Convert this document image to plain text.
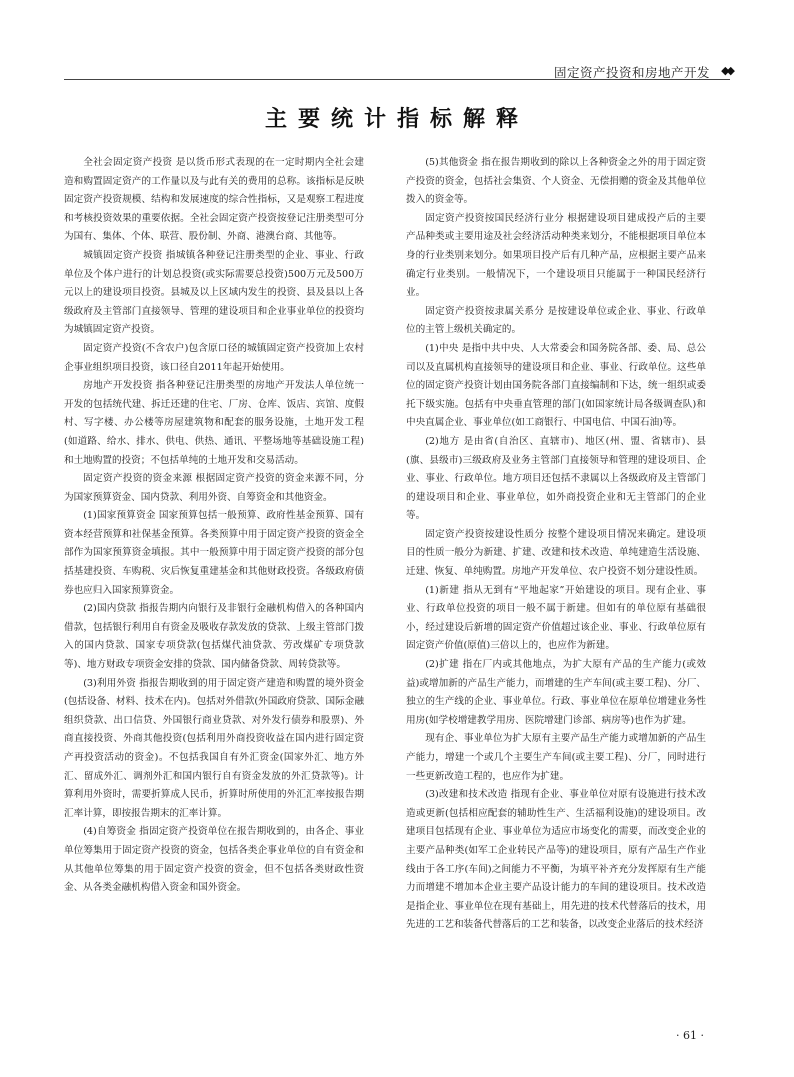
固定资产投资和房地产开发 ◆◆
主要统计指标解释

全社会固定资产投资 是以货币形式表现的在一定时期内全社会建造和购置固定资产的工作量以及与此有关的费用的总称。该指标是反映固定资产投资规模、结构和发展速度的综合性指标，又是观察工程进度和考核投资效果的重要依据。全社会固定资产投资按登记注册类型可分为国有、集体、个体、联营、股份制、外商、港澳台商、其他等。

城镇固定资产投资 指城镇各种登记注册类型的企业、事业、行政单位及个体户进行的计划总投资(或实际需要总投资)500万元及500万元以上的建设项目投资。县城及以上区域内发生的投资、县及县以上各级政府及主管部门直接领导、管理的建设项目和企业事业单位的投资均为城镇固定资产投资。

固定资产投资(不含农户)包含原口径的城镇固定资产投资加上农村企事业组织项目投资，该口径自2011年起开始使用。

房地产开发投资 指各种登记注册类型的房地产开发法人单位统一开发的包括统代建、拆迁还建的住宅、厂房、仓库、饭店、宾馆、度假村、写字楼、办公楼等房屋建筑物和配套的服务设施，土地开发工程(如道路、给水、排水、供电、供热、通讯、平整场地等基础设施工程)和土地购置的投资；不包括单纯的土地开发和交易活动。

固定资产投资的资金来源 根据固定资产投资的资金来源不同，分为国家预算资金、国内贷款、利用外资、自筹资金和其他资金。

(1)国家预算资金 国家预算包括一般预算、政府性基金预算、国有资本经营预算和社保基金预算。各类预算中用于固定资产投资的资金全部作为国家预算资金填报。其中一般预算中用于固定资产投资的部分包括基建投资、车购税、灾后恢复重建基金和其他财政投资。各级政府债券也应归入国家预算资金。

(2)国内贷款 指报告期内向银行及非银行金融机构借入的各种国内借款，包括银行利用自有资金及吸收存款发放的贷款、上级主管部门拨入的国内贷款、国家专项贷款(包括煤代油贷款、劳改煤矿专项贷款等)、地方财政专项资金安排的贷款、国内储备贷款、周转贷款等。

(3)利用外资 指报告期收到的用于固定资产建造和购置的境外资金(包括设备、材料、技术在内)。包括对外借款(外国政府贷款、国际金融组织贷款、出口信贷、外国银行商业贷款、对外发行债券和股票)、外商直接投资、外商其他投资(包括利用外商投资收益在国内进行固定资产再投资活动的资金)。不包括我国自有外汇资金(国家外汇、地方外汇、留成外汇、调剂外汇和国内银行自有资金发放的外汇贷款等)。计算利用外资时，需要折算成人民币，折算时所使用的外汇汇率按报告期汇率计算，即按报告期末的汇率计算。

(4)自筹资金 指固定资产投资单位在报告期收到的，由各企、事业单位筹集用于固定资产投资的资金，包括各类企事业单位的自有资金和从其他单位筹集的用于固定资产投资的资金，但不包括各类财政性资金、从各类金融机构借入资金和国外资金。

(5)其他资金 指在报告期收到的除以上各种资金之外的用于固定资产投资的资金，包括社会集资、个人资金、无偿捐赠的资金及其他单位拨入的资金等。

固定资产投资按国民经济行业分 根据建设项目建成投产后的主要产品种类或主要用途及社会经济活动种类来划分，不能根据项目单位本身的行业类别来划分。如果项目投产后有几种产品，应根据主要产品来确定行业类别。一般情况下，一个建设项目只能属于一种国民经济行业。

固定资产投资按隶属关系分 是按建设单位或企业、事业、行政单位的主管上级机关确定的。

(1)中央 是指中共中央、人大常委会和国务院各部、委、局、总公司以及直属机构直接领导的建设项目和企业、事业、行政单位。这些单位的固定资产投资计划由国务院各部门直接编制和下达，统一组织或委托下级实施。包括有中央垂直管理的部门(如国家统计局各级调查队)和中央直属企业、事业单位(如工商银行、中国电信、中国石油)等。

(2)地方 是由省(自治区、直辖市)、地区(州、盟、省辖市)、县(旗、县级市)三级政府及业务主管部门直接领导和管理的建设项目、企业、事业、行政单位。地方项目还包括不隶属以上各级政府及主管部门的建设项目和企业、事业单位，如外商投资企业和无主管部门的企业等。

固定资产投资按建设性质分 按整个建设项目情况来确定。建设项目的性质一般分为新建、扩建、改建和技术改造、单纯建造生活设施、迁建、恢复、单纯购置。房地产开发单位、农户投资不划分建设性质。

(1)新建 指从无到有“平地起家”开始建设的项目。现有企业、事业、行政单位投资的项目一般不属于新建。但如有的单位原有基础很小，经过建设后新增的固定资产价值超过该企业、事业、行政单位原有固定资产价值(原值)三倍以上的，也应作为新建。

(2)扩建 指在厂内或其他地点，为扩大原有产品的生产能力(或效益)或增加新的产品生产能力，而增建的生产车间(或主要工程)、分厂、独立的生产线的企业、事业单位。行政、事业单位在原单位增建业务性用房(如学校增建教学用房、医院增建门诊部、病房等)也作为扩建。

现有企、事业单位为扩大原有主要产品生产能力或增加新的产品生产能力，增建一个或几个主要生产车间(或主要工程)、分厂，同时进行一些更新改造工程的，也应作为扩建。

(3)改建和技术改造 指现有企业、事业单位对原有设施进行技术改造或更新(包括相应配套的辅助性生产、生活福利设施)的建设项目。改建项目包括现有企业、事业单位为适应市场变化的需要，而改变企业的主要产品种类(如军工企业转民产品等)的建设项目，原有产品生产作业线由于各工序(车间)之间能力不平衡，为填平补齐充分发挥原有生产能力而增建不增加本企业主要产品设计能力的车间的建设项目。技术改造是指企业、事业单位在现有基础上，用先进的技术代替落后的技术，用先进的工艺和装备代替落后的工艺和装备，以改变企业落后的技术经济

· 61 ·
